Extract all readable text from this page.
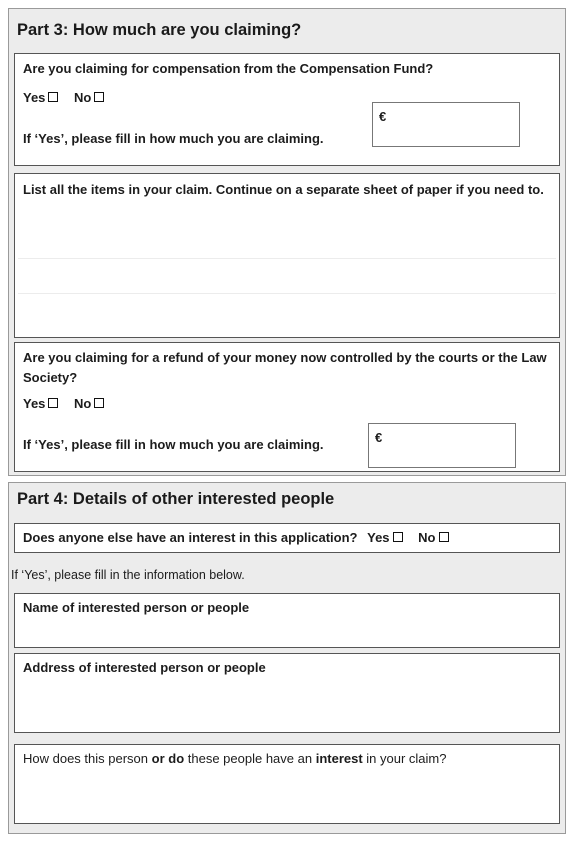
Part 3: How much are you claiming?
Are you claiming for compensation from the Compensation Fund?
Yes No
If ‘Yes’, please fill in how much you are claiming.
€
List all the items in your claim. Continue on a separate sheet of paper if you need to.
Are you claiming for a refund of your money now controlled by the courts or the Law Society?
Yes No
If ‘Yes’, please fill in how much you are claiming.	€
Part 4: Details of other interested people
Does anyone else have an interest in this application? Yes No
If ‘Yes’, please fill in the information below.
Name of interested person or people
Address of interested person or people
How does this person or do these people have an interest in your claim?
